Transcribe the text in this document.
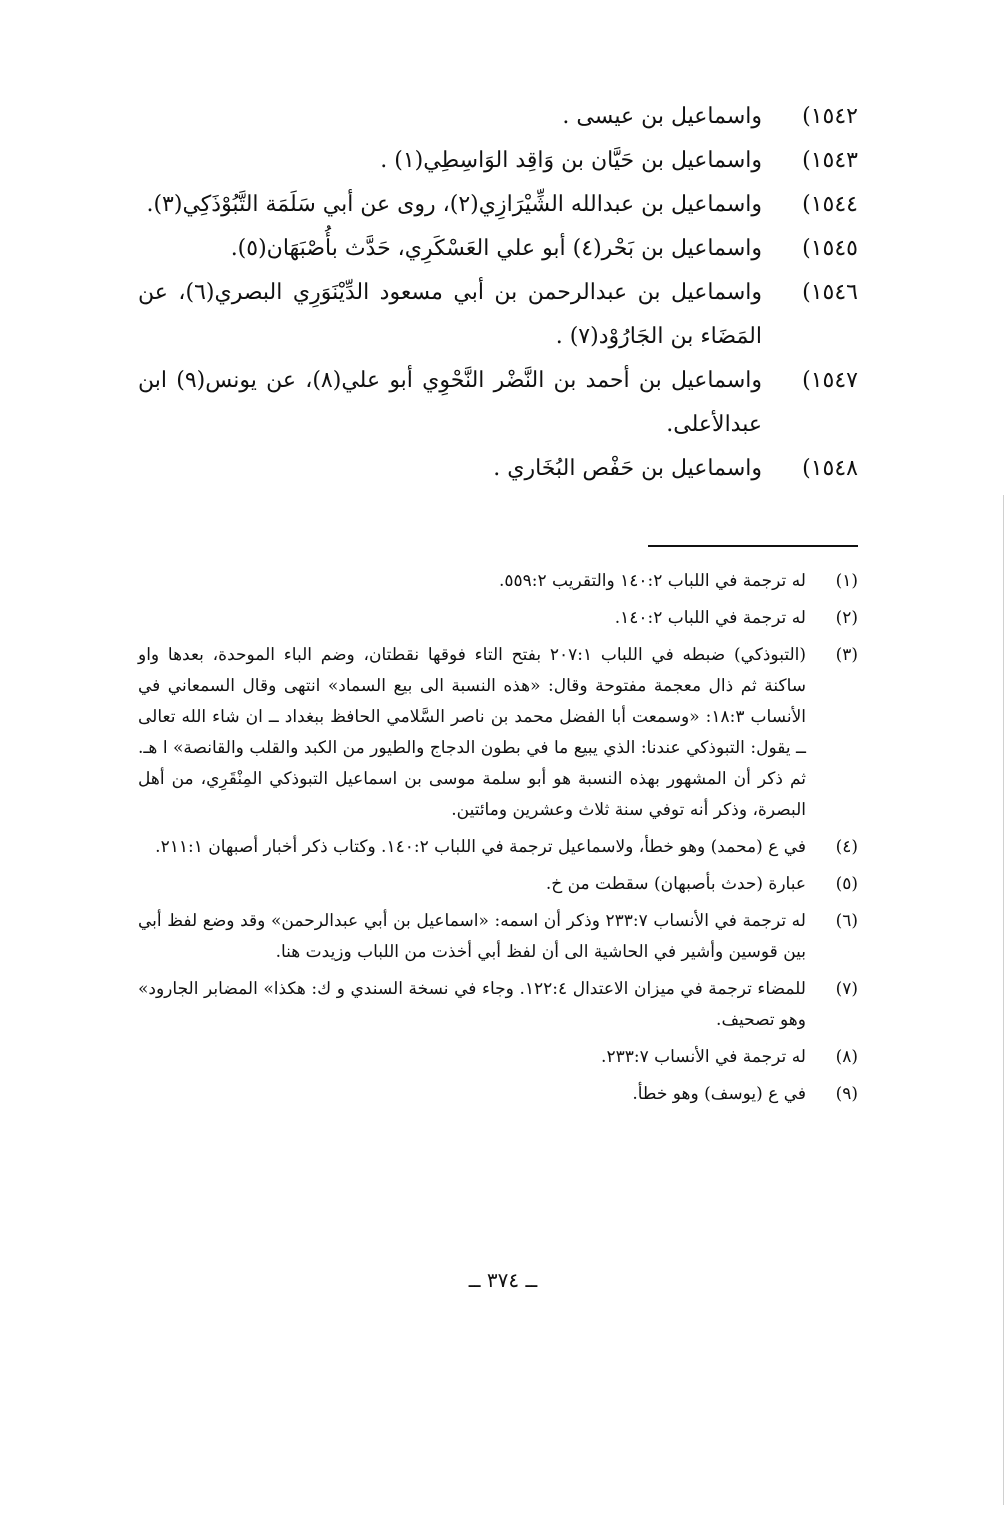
١٥٤٢)
واسماعيل بن عيسى .
١٥٤٣)
واسماعيل بن حَيَّان بن وَاقِد الوَاسِطِي(١) .
١٥٤٤)
واسماعيل بن عبدالله الشِّيْرَازِي(٢)، روى عن أبي سَلَمَة التَّبُوْذَكِي(٣).
١٥٤٥)
واسماعيل بن بَحْر(٤) أبو علي العَسْكَرِي، حَدَّث بأُصْبَهَان(٥).
١٥٤٦)
واسماعيل بن عبدالرحمن بن أبي مسعود الدِّيْنَوَرِي البصري(٦)، عن المَضَاء بن الجَارُوْد(٧) .
١٥٤٧)
واسماعيل بن أحمد بن النَّضْر النَّحْوِي أبو علي(٨)، عن يونس(٩) ابن عبدالأعلى.
١٥٤٨)
واسماعيل بن حَفْص البُخَاري .
(١)
له ترجمة في اللباب ١٤٠:٢ والتقريب ٥٥٩:٢.
(٢)
له ترجمة في اللباب ١٤٠:٢.
(٣)
(التبوذكي) ضبطه في اللباب ٢٠٧:١ بفتح التاء فوقها نقطتان، وضم الباء الموحدة، بعدها واو ساكنة ثم ذال معجمة مفتوحة وقال: «هذه النسبة الى بيع السماد» انتهى وقال السمعاني في الأنساب ١٨:٣: «وسمعت أبا الفضل محمد بن ناصر السَّلامي الحافظ ببغداد ــ ان شاء الله تعالى ــ يقول: التبوذكي عندنا: الذي يبيع ما في بطون الدجاج والطيور من الكبد والقلب والقانصة» ا هـ. ثم ذكر أن المشهور بهذه النسبة هو أبو سلمة موسى بن اسماعيل التبوذكي المِنْقَرِي، من أهل البصرة، وذكر أنه توفي سنة ثلاث وعشرين ومائتين.
(٤)
في ع (محمد) وهو خطأ، ولاسماعيل ترجمة في اللباب ١٤٠:٢. وكتاب ذكر أخبار أصبهان ٢١١:١.
(٥)
عبارة (حدث بأصبهان) سقطت من خ.
(٦)
له ترجمة في الأنساب ٢٣٣:٧ وذكر أن اسمه: «اسماعيل بن أبي عبدالرحمن» وقد وضع لفظ أبي بين قوسين وأشير في الحاشية الى أن لفظ أبي أخذت من اللباب وزيدت هنا.
(٧)
للمضاء ترجمة في ميزان الاعتدال ١٢٢:٤. وجاء في نسخة السندي و ك: هكذا» المضابر الجارود» وهو تصحيف.
(٨)
له ترجمة في الأنساب ٢٣٣:٧.
(٩)
في ع (يوسف) وهو خطأ.
ــ ٣٧٤ ــ
